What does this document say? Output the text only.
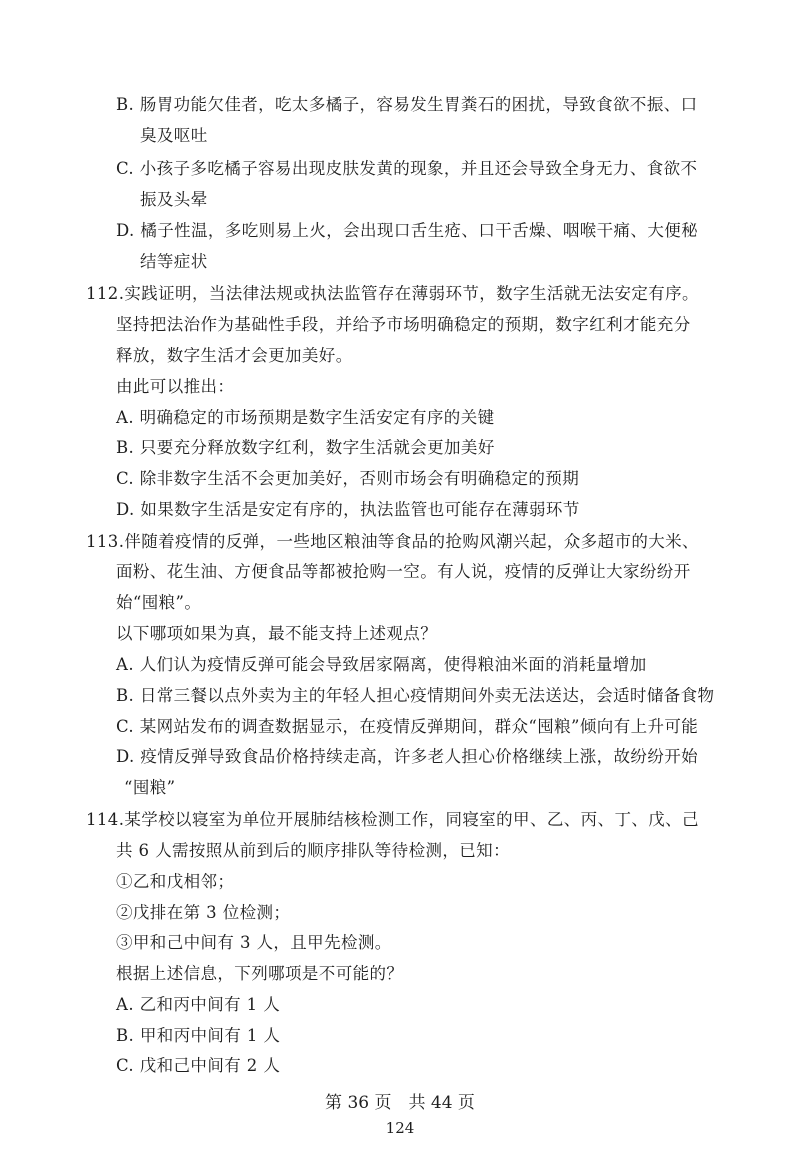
B. 肠胃功能欠佳者，吃太多橘子，容易发生胃粪石的困扰，导致食欲不振、口
臭及呕吐
C. 小孩子多吃橘子容易出现皮肤发黄的现象，并且还会导致全身无力、食欲不
振及头晕
D. 橘子性温，多吃则易上火，会出现口舌生疮、口干舌燥、咽喉干痛、大便秘
结等症状
112.实践证明，当法律法规或执法监管存在薄弱环节，数字生活就无法安定有序。
坚持把法治作为基础性手段，并给予市场明确稳定的预期，数字红利才能充分
释放，数字生活才会更加美好。
由此可以推出：
A. 明确稳定的市场预期是数字生活安定有序的关键
B. 只要充分释放数字红利，数字生活就会更加美好
C. 除非数字生活不会更加美好，否则市场会有明确稳定的预期
D. 如果数字生活是安定有序的，执法监管也可能存在薄弱环节
113.伴随着疫情的反弹，一些地区粮油等食品的抢购风潮兴起，众多超市的大米、
面粉、花生油、方便食品等都被抢购一空。有人说，疫情的反弹让大家纷纷开
始“囤粮”。
以下哪项如果为真，最不能支持上述观点？
A. 人们认为疫情反弹可能会导致居家隔离，使得粮油米面的消耗量增加
B. 日常三餐以点外卖为主的年轻人担心疫情期间外卖无法送达，会适时储备食物
C. 某网站发布的调查数据显示，在疫情反弹期间，群众“囤粮”倾向有上升可能
D. 疫情反弹导致食品价格持续走高，许多老人担心价格继续上涨，故纷纷开始
“囤粮”
114.某学校以寝室为单位开展肺结核检测工作，同寝室的甲、乙、丙、丁、戊、己
共 6 人需按照从前到后的顺序排队等待检测，已知：
①乙和戊相邻；
②戊排在第 3 位检测；
③甲和己中间有 3 人，且甲先检测。
根据上述信息，下列哪项是不可能的？
A. 乙和丙中间有 1 人
B. 甲和丙中间有 1 人
C. 戊和己中间有 2 人
第 36 页　共 44 页
124
